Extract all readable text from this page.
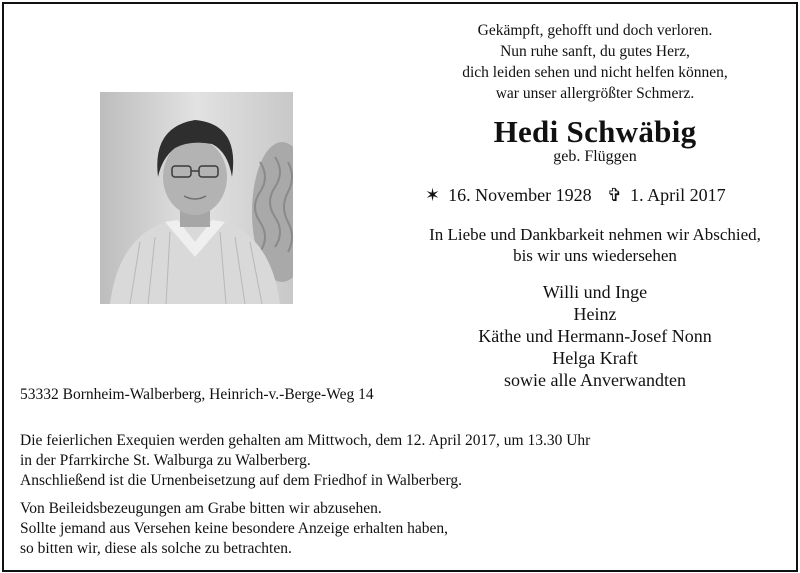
Gekämpft, gehofft und doch verloren.
Nun ruhe sanft, du gutes Herz,
dich leiden sehen und nicht helfen können,
war unser allergrößter Schmerz.
Hedi Schwäbig
geb. Flüggen
✶ 16. November 1928 ✞ 1. April 2017
In Liebe und Dankbarkeit nehmen wir Abschied,
bis wir uns wiedersehen
Willi und Inge
Heinz
Käthe und Hermann-Josef Nonn
Helga Kraft
sowie alle Anverwandten
53332 Bornheim-Walberberg, Heinrich-v.-Berge-Weg 14
Die feierlichen Exequien werden gehalten am Mittwoch, dem 12. April 2017, um 13.30 Uhr
in der Pfarrkirche St. Walburga zu Walberberg.
Anschließend ist die Urnenbeisetzung auf dem Friedhof in Walberberg.
Von Beileidsbezeugungen am Grabe bitten wir abzusehen.
Sollte jemand aus Versehen keine besondere Anzeige erhalten haben,
so bitten wir, diese als solche zu betrachten.
